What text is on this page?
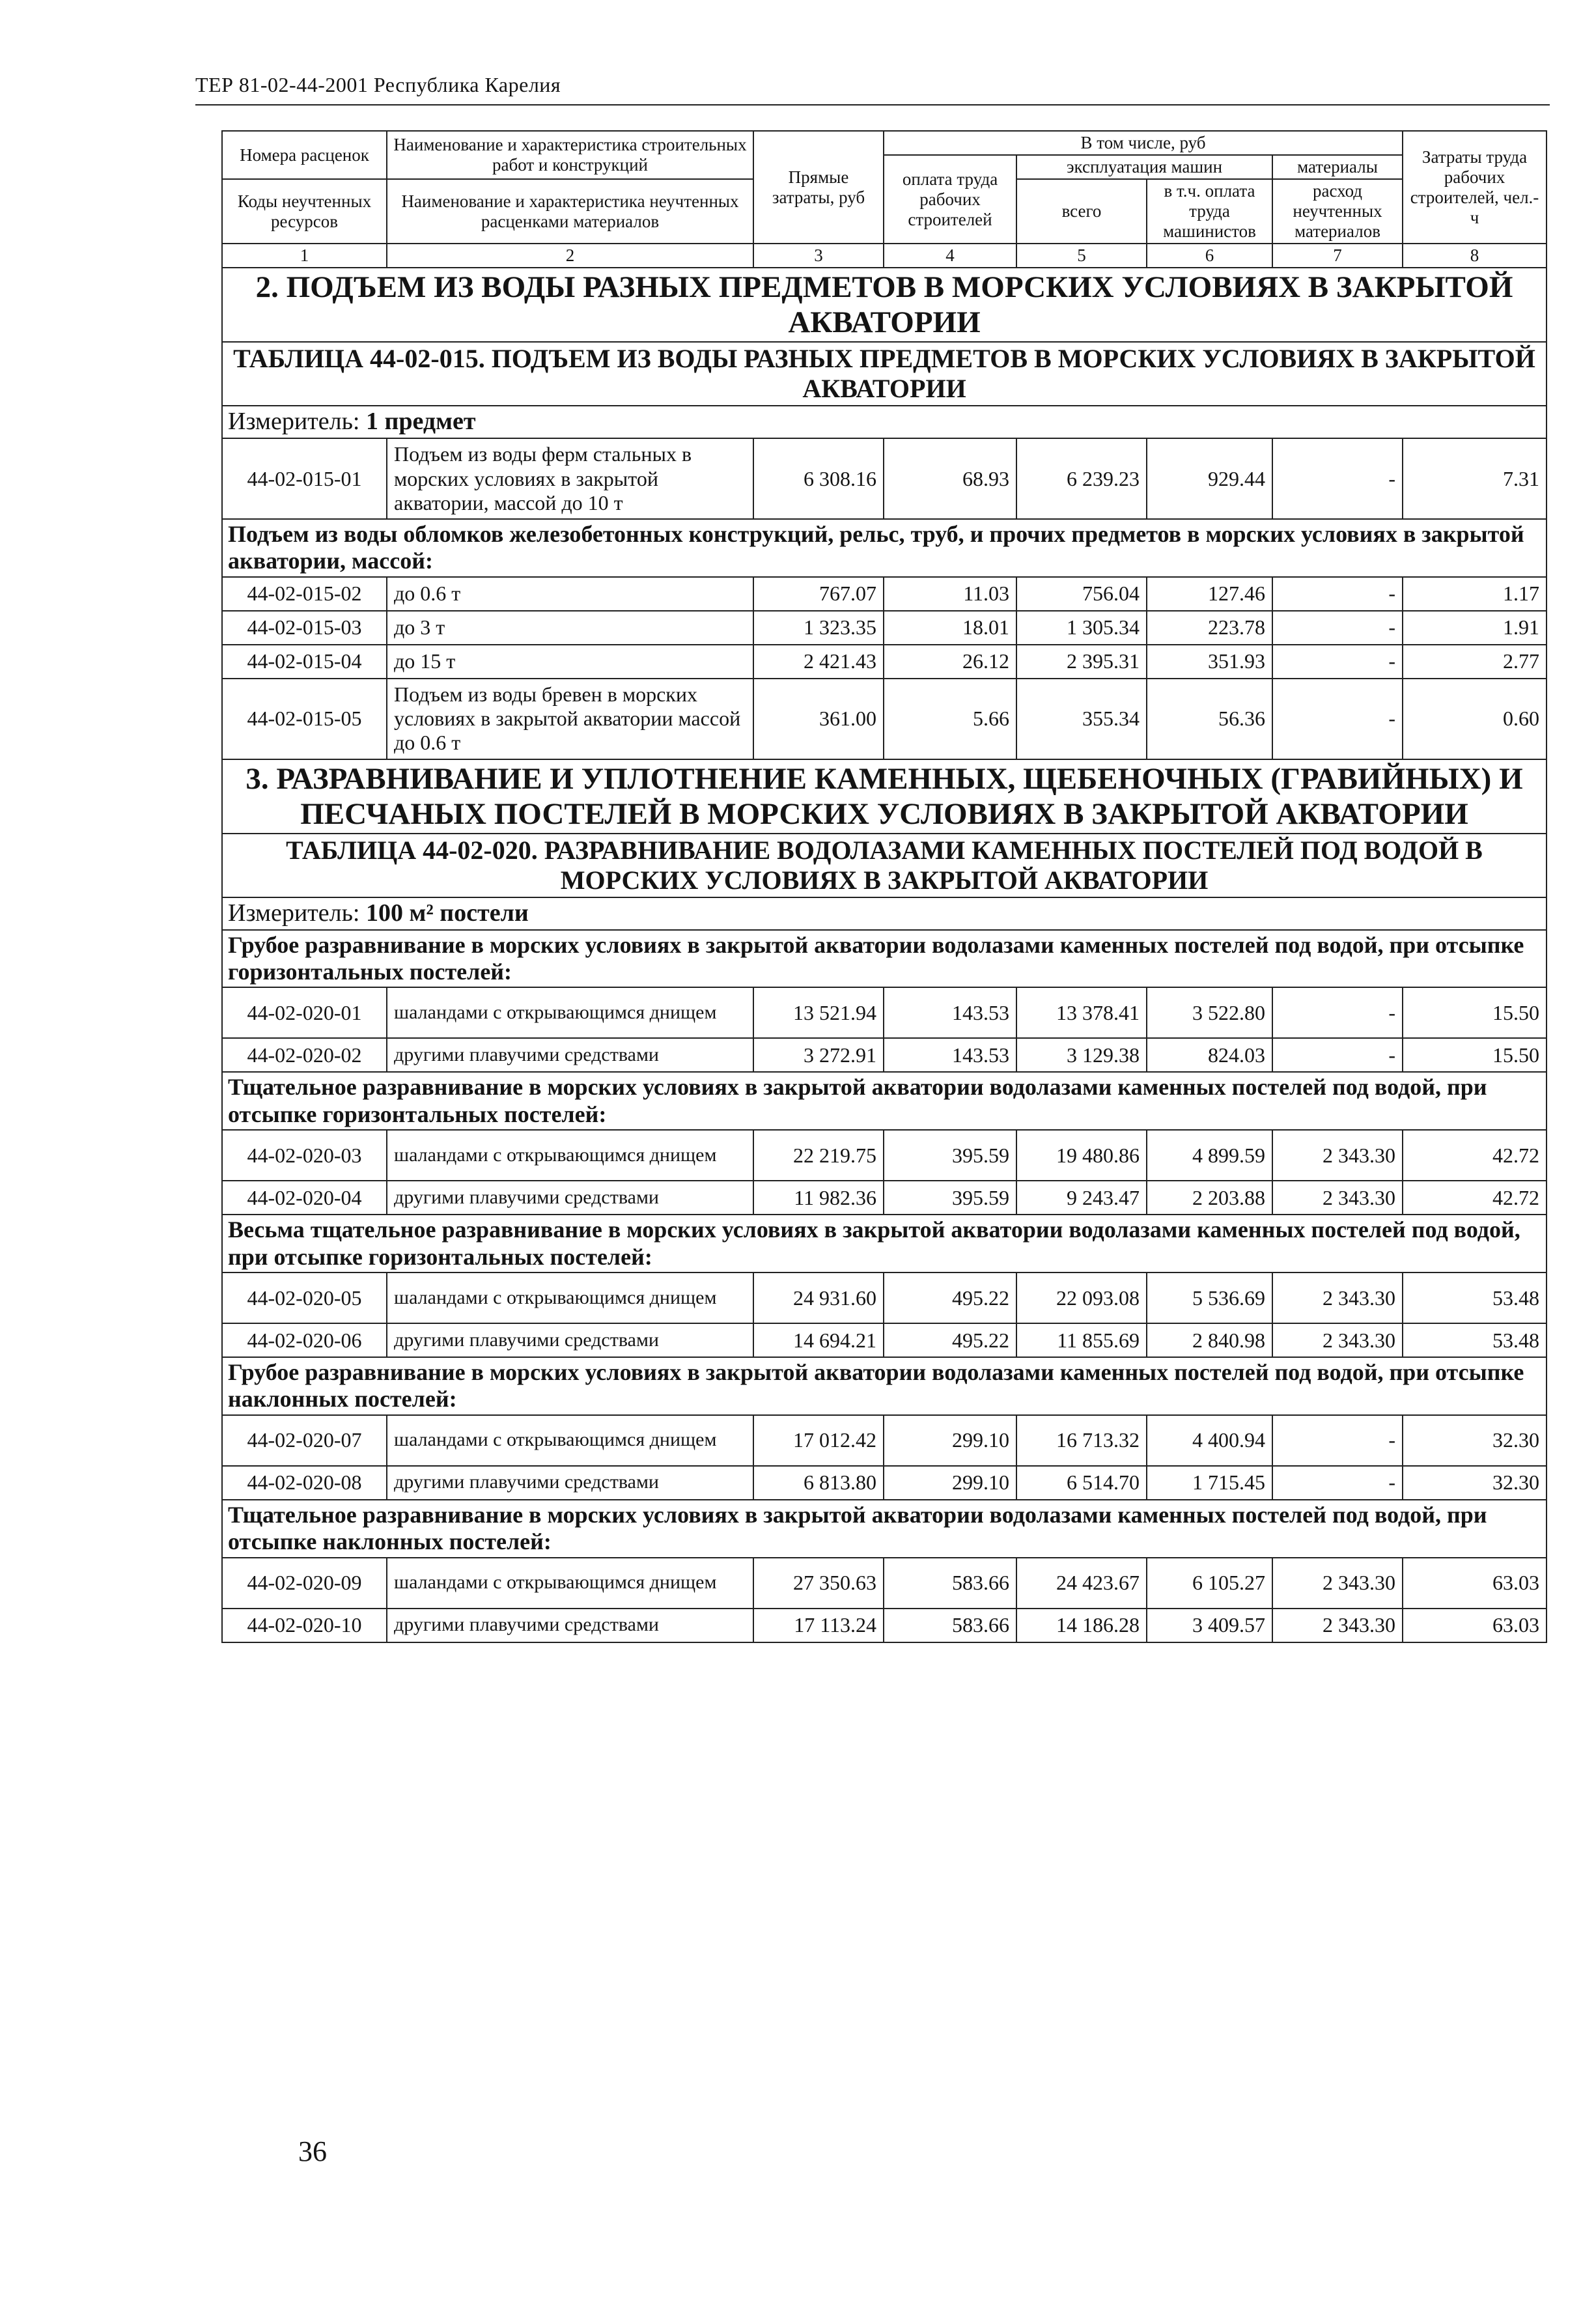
ТЕР 81-02-44-2001 Республика Карелия
Номера расценок	Наименование и характеристика строительных работ и конструкций	Прямые затраты, руб	В том числе, руб				Затраты труда рабочих строителей, чел.-ч
			оплата труда рабочих строителей	эксплуатация машин		материалы	
				всего	в т.ч. оплата труда машинистов	расход неучтенных материалов	
Коды неучтенных ресурсов	Наименование и характеристика неучтенных расценками материалов						

1	2	3	4	5	6	7	8
2. ПОДЪЕМ ИЗ ВОДЫ РАЗНЫХ ПРЕДМЕТОВ В МОРСКИХ УСЛОВИЯХ В ЗАКРЫТОЙ АКВАТОРИИ							
ТАБЛИЦА 44-02-015. ПОДЪЕМ ИЗ ВОДЫ РАЗНЫХ ПРЕДМЕТОВ В МОРСКИХ УСЛОВИЯХ В ЗАКРЫТОЙ АКВАТОРИИ							
Измеритель: 1 предмет							
44-02-015-01	Подъем из воды ферм стальных в морских условиях в закрытой акватории, массой до 10 т	6 308.16	68.93	6 239.23	929.44	-	7.31
Подъем из воды обломков железобетонных конструкций, рельс, труб, и прочих предметов в морских условиях в закрытой акватории, массой:							
44-02-015-02	до 0.6 т	767.07	11.03	756.04	127.46	-	1.17
44-02-015-03	до 3 т	1 323.35	18.01	1 305.34	223.78	-	1.91
44-02-015-04	до 15 т	2 421.43	26.12	2 395.31	351.93	-	2.77
44-02-015-05	Подъем из воды бревен в морских условиях в закрытой акватории массой до 0.6 т	361.00	5.66	355.34	56.36	-	0.60
3. РАЗРАВНИВАНИЕ И УПЛОТНЕНИЕ КАМЕННЫХ, ЩЕБЕНОЧНЫХ (ГРАВИЙНЫХ) И ПЕСЧАНЫХ ПОСТЕЛЕЙ В МОРСКИХ УСЛОВИЯХ В ЗАКРЫТОЙ АКВАТОРИИ							
ТАБЛИЦА 44-02-020. РАЗРАВНИВАНИЕ ВОДОЛАЗАМИ КАМЕННЫХ ПОСТЕЛЕЙ ПОД ВОДОЙ В МОРСКИХ УСЛОВИЯХ В ЗАКРЫТОЙ АКВАТОРИИ							
Измеритель: 100 м² постели							
Грубое разравнивание в морских условиях в закрытой акватории водолазами каменных постелей под водой, при отсыпке горизонтальных постелей:							
44-02-020-01	шаландами с открывающимся днищем	13 521.94	143.53	13 378.41	3 522.80	-	15.50
44-02-020-02	другими плавучими средствами	3 272.91	143.53	3 129.38	824.03	-	15.50
Тщательное разравнивание в морских условиях в закрытой акватории водолазами каменных постелей под водой, при отсыпке горизонтальных постелей:							
44-02-020-03	шаландами с открывающимся днищем	22 219.75	395.59	19 480.86	4 899.59	2 343.30	42.72
44-02-020-04	другими плавучими средствами	11 982.36	395.59	9 243.47	2 203.88	2 343.30	42.72
Весьма тщательное разравнивание в морских условиях в закрытой акватории водолазами каменных постелей под водой, при отсыпке горизонтальных постелей:							
44-02-020-05	шаландами с открывающимся днищем	24 931.60	495.22	22 093.08	5 536.69	2 343.30	53.48
44-02-020-06	другими плавучими средствами	14 694.21	495.22	11 855.69	2 840.98	2 343.30	53.48
Грубое разравнивание в морских условиях в закрытой акватории водолазами каменных постелей под водой, при отсыпке наклонных постелей:							
44-02-020-07	шаландами с открывающимся днищем	17 012.42	299.10	16 713.32	4 400.94	-	32.30
44-02-020-08	другими плавучими средствами	6 813.80	299.10	6 514.70	1 715.45	-	32.30
Тщательное разравнивание в морских условиях в закрытой акватории водолазами каменных постелей под водой, при отсыпке наклонных постелей:							
44-02-020-09	шаландами с открывающимся днищем	27 350.63	583.66	24 423.67	6 105.27	2 343.30	63.03
44-02-020-10	другими плавучими средствами	17 113.24	583.66	14 186.28	3 409.57	2 343.30	63.03
36
